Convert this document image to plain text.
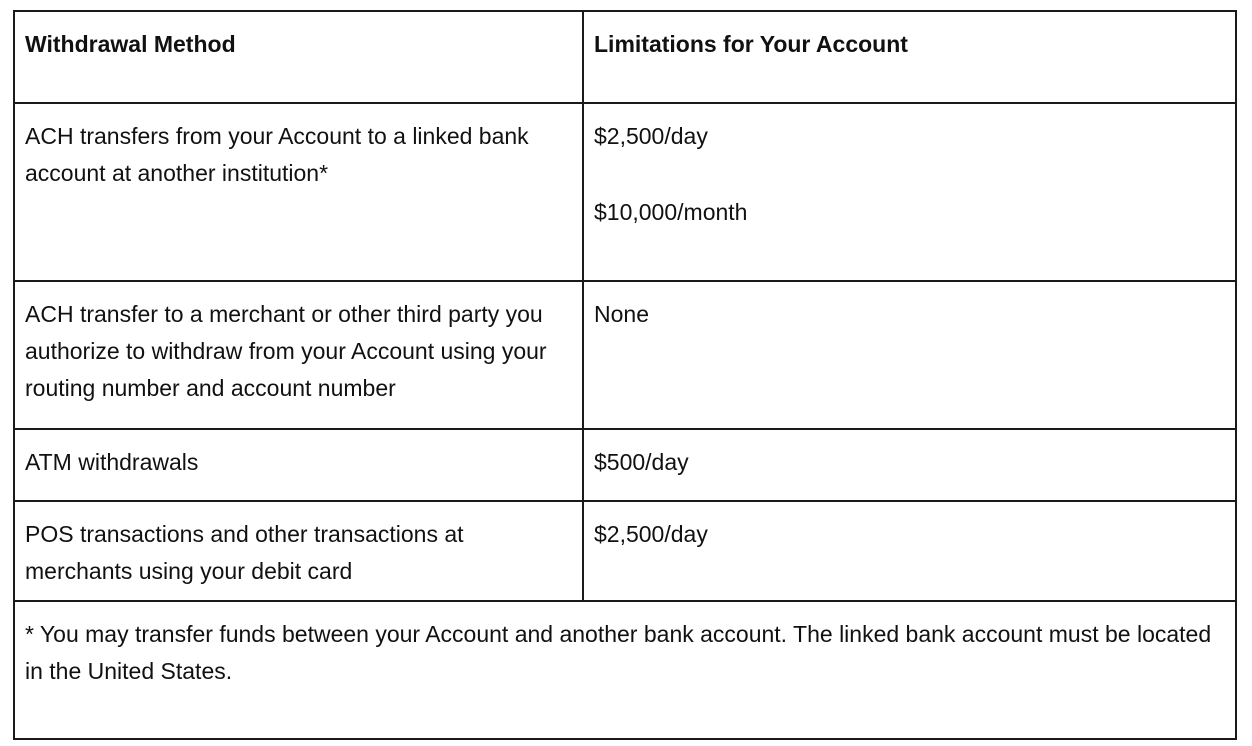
Withdrawal Method	Limitations for Your Account
ACH transfers from your Account to a linked bank account at another institution*	$2,500/day
$10,000/month

ACH transfer to a merchant or other third party you authorize to withdraw from your Account using your routing number and account number	None

ATM withdrawals	$500/day

POS transactions and other transactions at merchants using your debit card	$2,500/day

* You may transfer funds between your Account and another bank account. The linked bank account must be located in the United States.	
